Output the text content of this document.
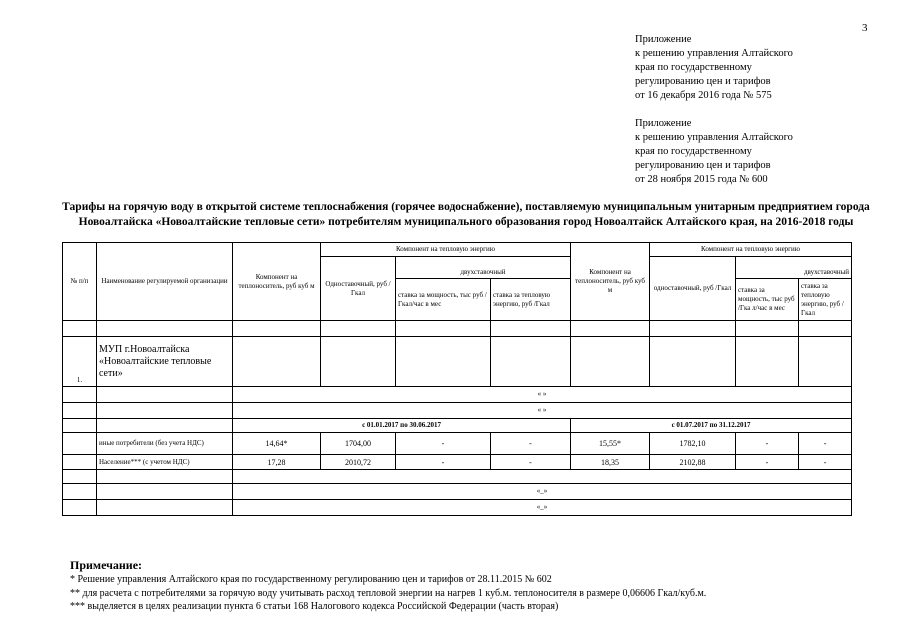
3
Приложение
к решению управления Алтайского
края по государственному
регулированию цен и тарифов
от 16 декабря 2016 года № 575
Приложение
к решению управления Алтайского
края по государственному
регулированию цен и тарифов
от 28 ноября 2015 года № 600
Тарифы на горячую воду в открытой системе теплоснабжения (горячее водоснабжение), поставляемую муниципальным унитарным предприятием города Новоалтайска «Новоалтайские тепловые сети» потребителям муниципального образования город Новоалтайск Алтайского края, на 2016-2018 годы
№ п/п	Наименование регулируемой организации	Компонент на теплоноситель, руб куб м	Компонент на тепловую энергию			Компонент на теплоноситель, руб куб м	Компонент на тепловую энергию		
			Одноставочный, руб /Гкал				одноставочный, руб /Гкал		
				двухставочный				двухставочный	
				ставка за мощность, тыс руб /Гкал/час в мес	ставка за тепловую энергию, руб /Гкал			ставка за мощность, тыс руб /Гка л/час в мес	ставка за тепловую энергию, руб /Гкал

1.	МУП г.Новоалтайска «Новоалтайские тепловые сети»								
		« »							
		« »							
		с 01.01.2017 по 30.06.2017				с 01.07.2017 по 31.12.2017			
	иные потребители (без учета НДС)	14,64*	1704,00	-	-	15,55*	1782,10	-	-
	Население*** (с учетом НДС)	17,28	2010,72	-	-	18,35	2102,88	-	-

		«_»							
		«_»							
Примечание:
* Решение управления Алтайского края по государственному регулированию цен и тарифов от 28.11.2015 № 602
** для расчета с потребителями за горячую воду учитывать расход тепловой энергии на нагрев 1 куб.м. теплоносителя в размере 0,06606 Гкал/куб.м.
*** выделяется в целях реализации пункта 6 статьи 168 Налогового кодекса Российской Федерации (часть вторая)
